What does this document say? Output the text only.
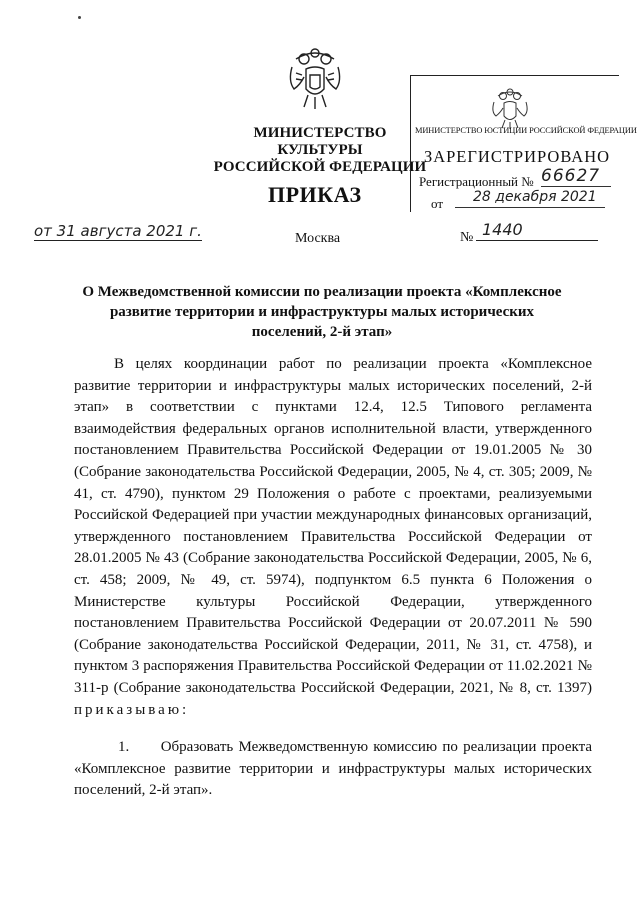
МИНИСТЕРСТВО КУЛЬТУРЫ
РОССИЙСКОЙ ФЕДЕРАЦИИ
МИНИСТЕРСТВО ЮСТИЦИИ РОССИЙСКОЙ ФЕДЕРАЦИИ
ЗАРЕГИСТРИРОВАНО
Регистрационный № 66627
от	28 декабря 2021
ПРИКАЗ
от 31 августа 2021 г.	Москва	№ 1440
О Межведомственной комиссии по реализации проекта «Комплексное развитие территории и инфраструктуры малых исторических поселений, 2-й этап»
В целях координации работ по реализации проекта «Комплексное развитие территории и инфраструктуры малых исторических поселений, 2-й этап» в соответствии с пунктами 12.4, 12.5 Типового регламента взаимодействия федеральных органов исполнительной власти, утвержденного постановлением Правительства Российской Федерации от 19.01.2005 № 30 (Собрание законодательства Российской Федерации, 2005, № 4, ст. 305; 2009, № 41, ст. 4790), пунктом 29 Положения о работе с проектами, реализуемыми Российской Федерацией при участии международных финансовых организаций, утвержденного постановлением Правительства Российской Федерации от 28.01.2005 № 43 (Собрание законодательства Российской Федерации, 2005, № 6, ст. 458; 2009, № 49, ст. 5974), подпунктом 6.5 пункта 6 Положения о Министерстве культуры Российской Федерации, утвержденного постановлением Правительства Российской Федерации от 20.07.2011 № 590 (Собрание законодательства Российской Федерации, 2011, № 31, ст. 4758), и пунктом 3 распоряжения Правительства Российской Федерации от 11.02.2021 № 311-р (Собрание законодательства Российской Федерации, 2021, № 8, ст. 1397) приказываю:
1. Образовать Межведомственную комиссию по реализации проекта «Комплексное развитие территории и инфраструктуры малых исторических поселений, 2-й этап».
